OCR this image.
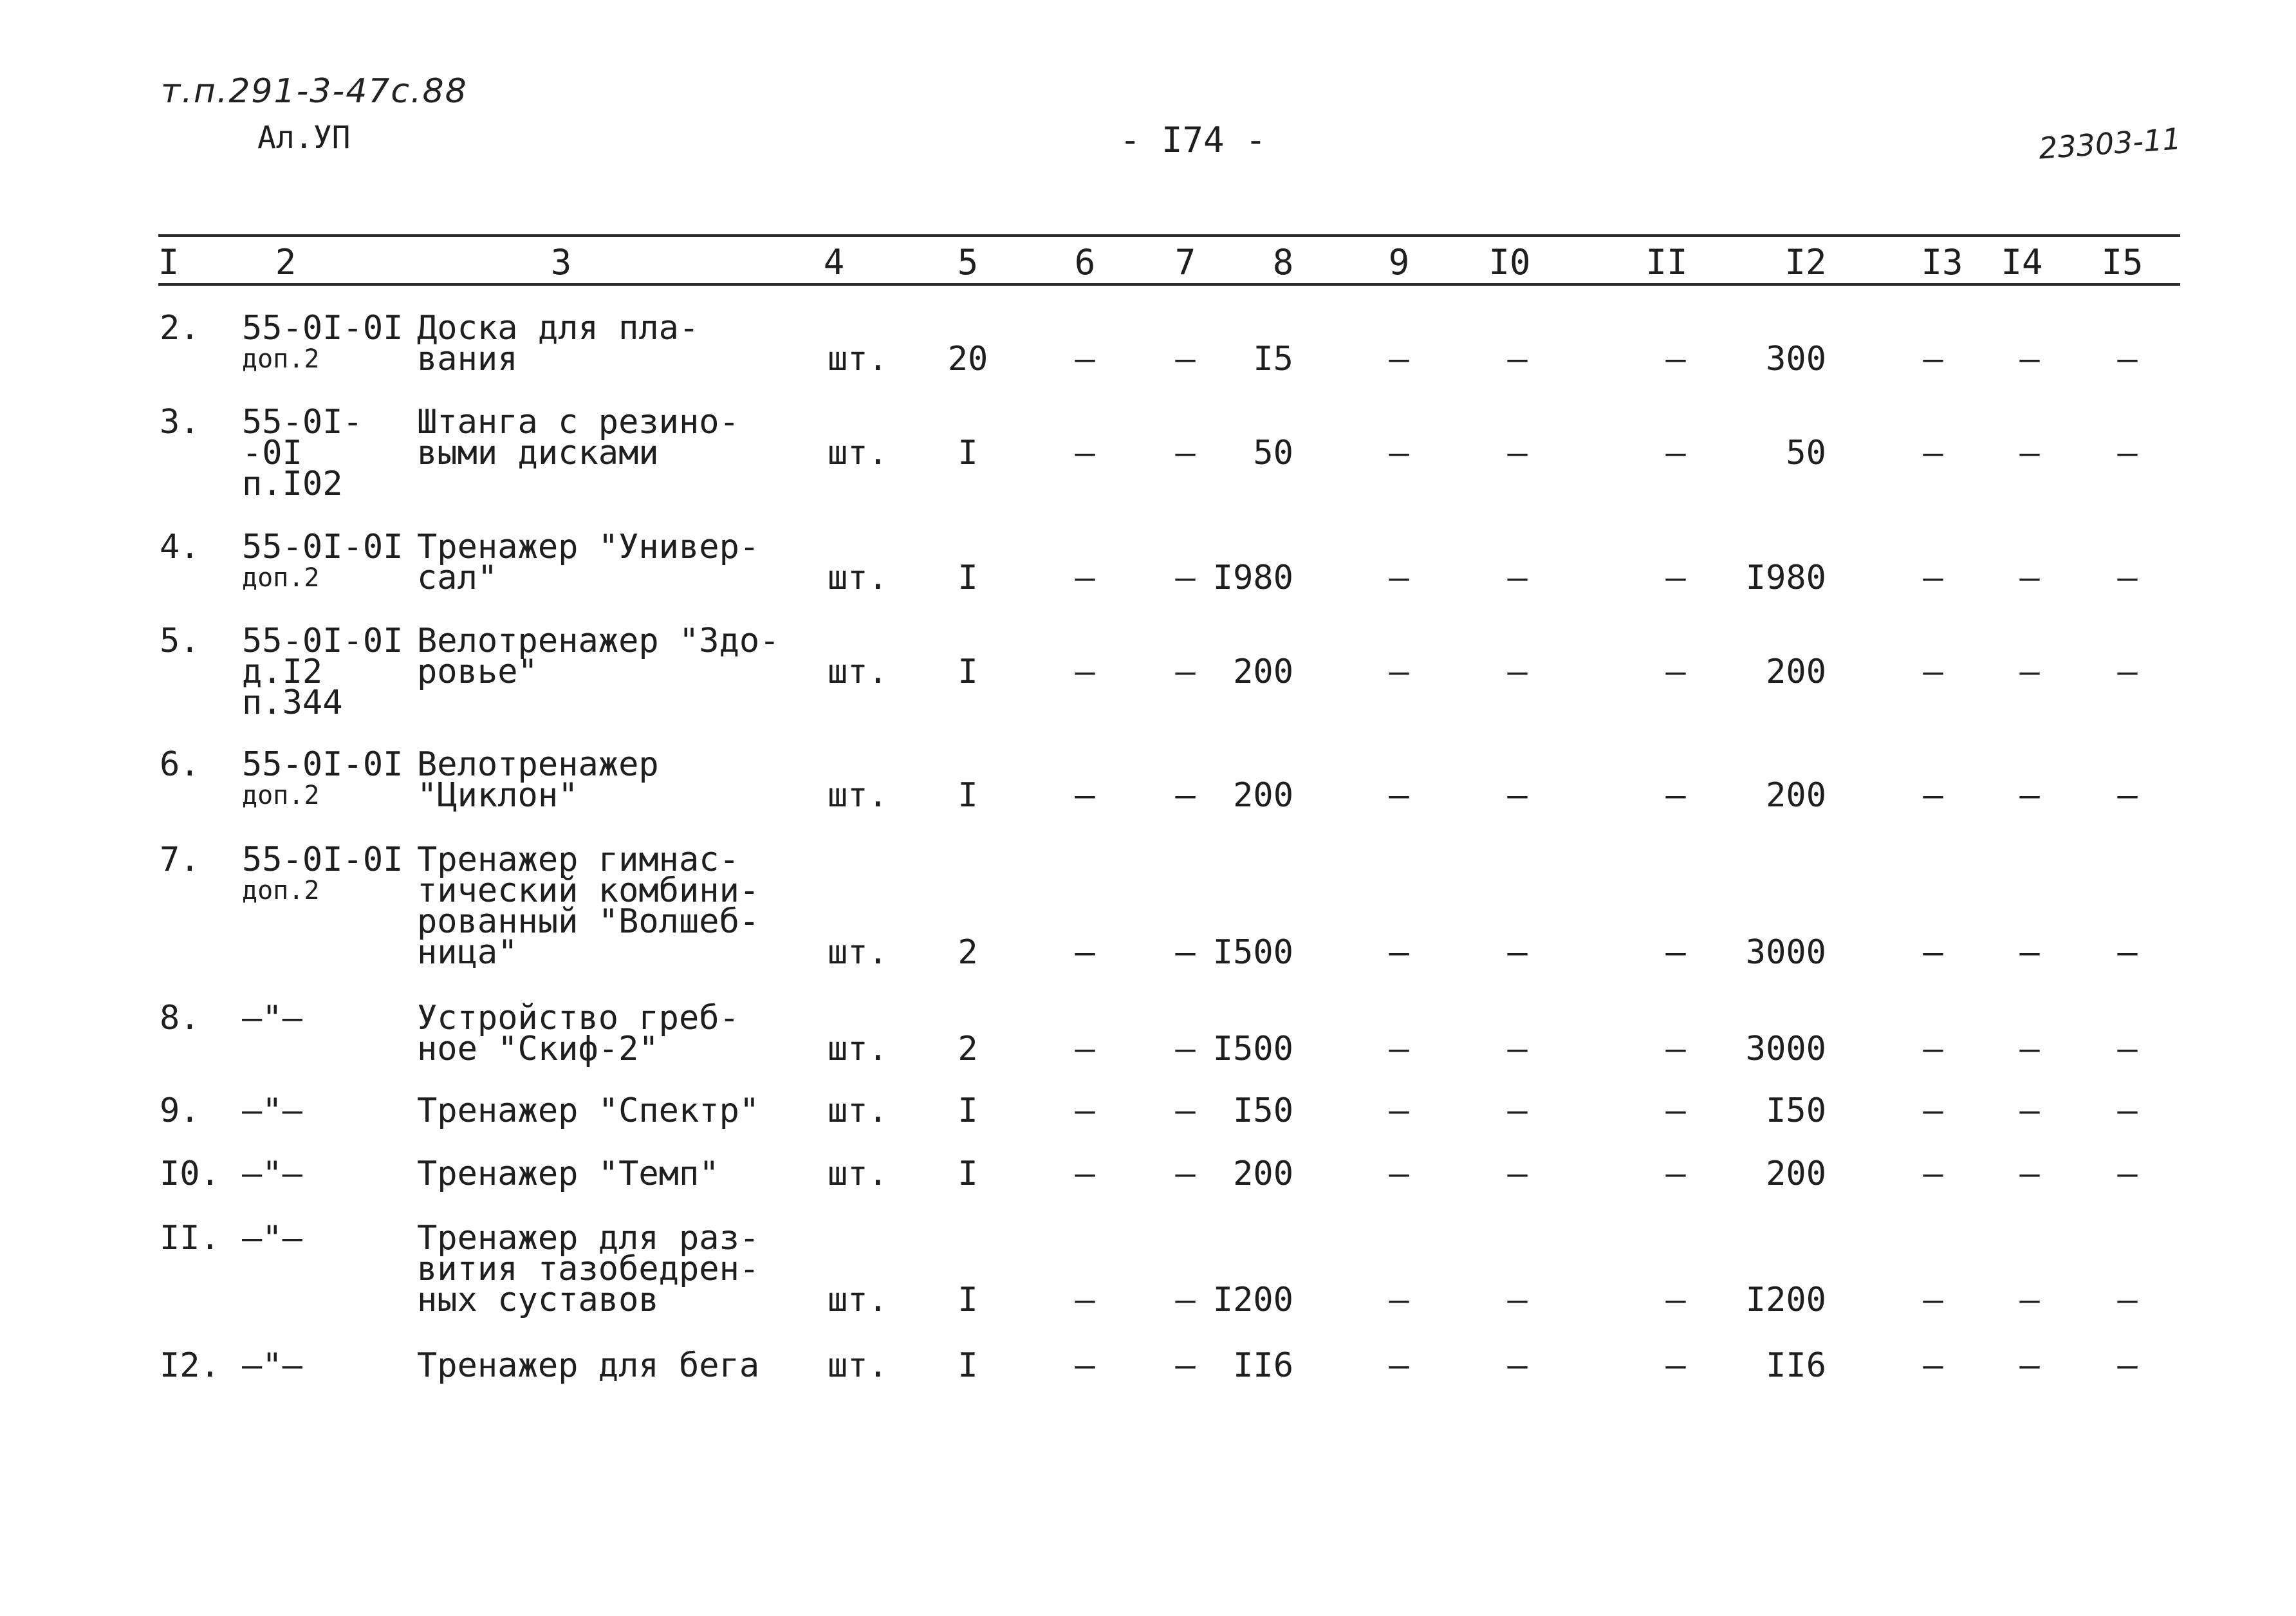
т.п.291-3-47с.88
Ал.УП	- I74 -	23303-11
I	2	3	4	5	6 7 8	9 I0	II	I2	I3 I4 I5
2. 55-0I-0I
доп.2
Доска для пла-
вания	шт. 20	– – I5	–	–	– 300	– – –
3. 55-0I-
-0I
п.I02
Штанга с резино-
выми дисками	шт. I	– – 50	–	–	–	50	– – –
4. 55-0I-0I
доп.2
Тренажер "Универ-
сал"	шт. I	– – I980	–	–	– I980	– – –
5. 55-0I-0I
д.I2
п.344
Велотренажер "Здо-
ровье"	шт. I	– – 200	–	–	– 200	– – –
6. 55-0I-0I
доп.2
Велотренажер
"Циклон"	шт. I	– – 200	–	–	– 200	– – –
7. 55-0I-0I
доп.2
Тренажер гимнас-
тический комбини-
рованный "Волшеб-
ница"	шт. 2	– – I500	–	–	– 3000	– – –
8. —"—	Устройство греб-
ное "Скиф-2"	шт. 2	– – I500	–	–	– 3000	– – –
9. —"—	Тренажер "Спектр" шт. I	– – I50	–	–	– I50	– – –
I0. —"—	Тренажер "Темп"	шт. I	– – 200	–	–	– 200	– – –
II. —"—	Тренажер для раз-
вития тазобедрен-
ных суставов	шт. I	– – I200	–	–	– I200	– – –
I2. —"—	Тренажер для бега шт. I	– – II6	–	–	– II6	– – –
